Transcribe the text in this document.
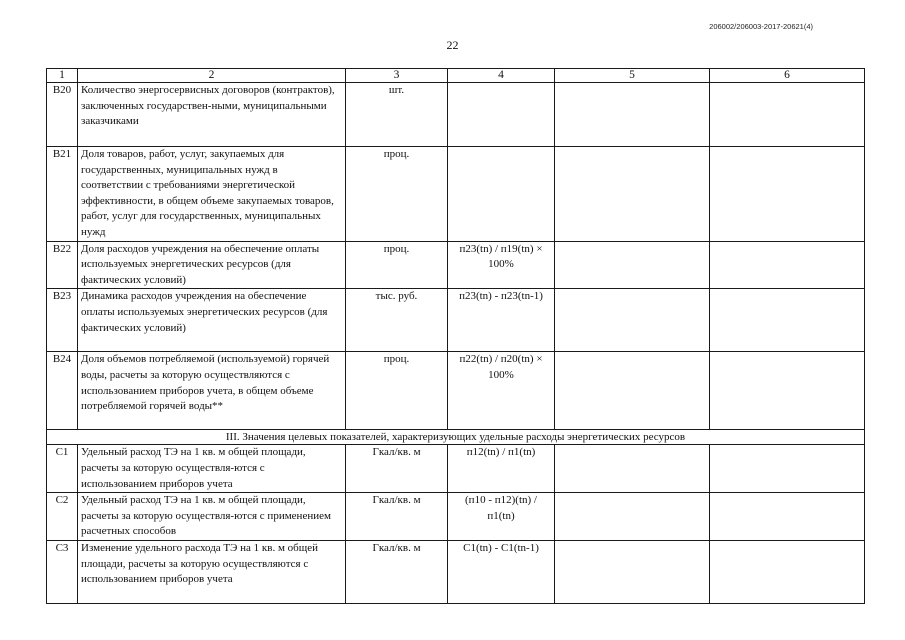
206002/206003-2017-20621(4)
22
1	2	3	4	5	6
B20	Количество энергосервисных договоров (контрактов), заключенных государствен-ными, муниципальными заказчиками	шт.			
B21	Доля товаров, работ, услуг, закупаемых для государственных, муниципальных нужд в соответствии с требованиями энергетической эффективности, в общем объеме закупаемых товаров, работ, услуг для государственных, муниципальных нужд	проц.			
B22	Доля расходов учреждения на обеспечение оплаты используемых энергетических ресурсов (для фактических условий)	проц.	п23(tn) / п19(tn) × 100%		
B23	Динамика расходов учреждения на обеспечение оплаты используемых энергетических ресурсов (для фактических условий)	тыс. руб.	п23(tn) - п23(tn-1)		
B24	Доля объемов потребляемой (используемой) горячей воды, расчеты за которую осуществляются с использованием приборов учета, в общем объеме потребляемой горячей воды**	проц.	п22(tn) / п20(tn) × 100%		
III. Значения целевых показателей, характеризующих удельные расходы энергетических ресурсов					
C1	Удельный расход ТЭ на 1 кв. м общей площади, расчеты за которую осуществля-ются с использованием приборов учета	Гкал/кв. м	п12(tn) / п1(tn)		
C2	Удельный расход ТЭ на 1 кв. м общей площади, расчеты за которую осуществля-ются с применением расчетных способов	Гкал/кв. м	(п10 - п12)(tn) / п1(tn)		
C3	Изменение удельного расхода ТЭ на 1 кв. м общей площади, расчеты за которую осуществляются с использованием приборов учета	Гкал/кв. м	C1(tn) - C1(tn-1)		
